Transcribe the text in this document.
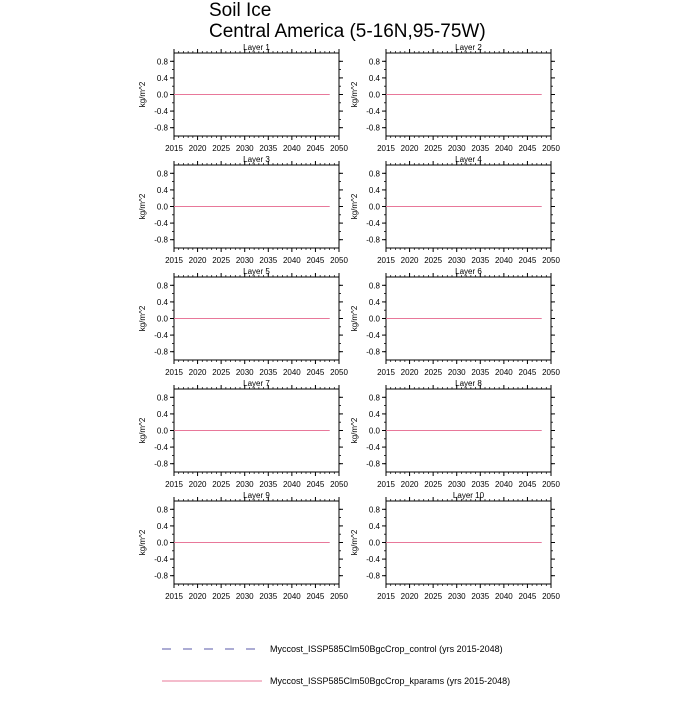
Soil Ice
Central America (5-16N,95-75W)
Layer 1
kg/m^2
-0.8
-0.4
0.0
0.4
0.8
2015 2020 2025 2030 2035 2040 2045 2050
Layer 2
kg/m^2
-0.8
-0.4
0.0
0.4
0.8
2015 2020 2025 2030 2035 2040 2045 2050
Layer 3
kg/m^2
-0.8
-0.4
0.0
0.4
0.8
2015 2020 2025 2030 2035 2040 2045 2050
Layer 4
kg/m^2
-0.8
-0.4
0.0
0.4
0.8
2015 2020 2025 2030 2035 2040 2045 2050
Layer 5
kg/m^2
-0.8
-0.4
0.0
0.4
0.8
2015 2020 2025 2030 2035 2040 2045 2050
Layer 6
kg/m^2
-0.8
-0.4
0.0
0.4
0.8
2015 2020 2025 2030 2035 2040 2045 2050
Layer 7
kg/m^2
-0.8
-0.4
0.0
0.4
0.8
2015 2020 2025 2030 2035 2040 2045 2050
Layer 8
kg/m^2
-0.8
-0.4
0.0
0.4
0.8
2015 2020 2025 2030 2035 2040 2045 2050
Layer 9
kg/m^2
-0.8
-0.4
0.0
0.4
0.8
2015 2020 2025 2030 2035 2040 2045 2050
Layer 10
kg/m^2
-0.8
-0.4
0.0
0.4
0.8
2015 2020 2025 2030 2035 2040 2045 2050
Myccost_ISSP585Clm50BgcCrop_control (yrs 2015-2048)
Myccost_ISSP585Clm50BgcCrop_kparams (yrs 2015-2048)
